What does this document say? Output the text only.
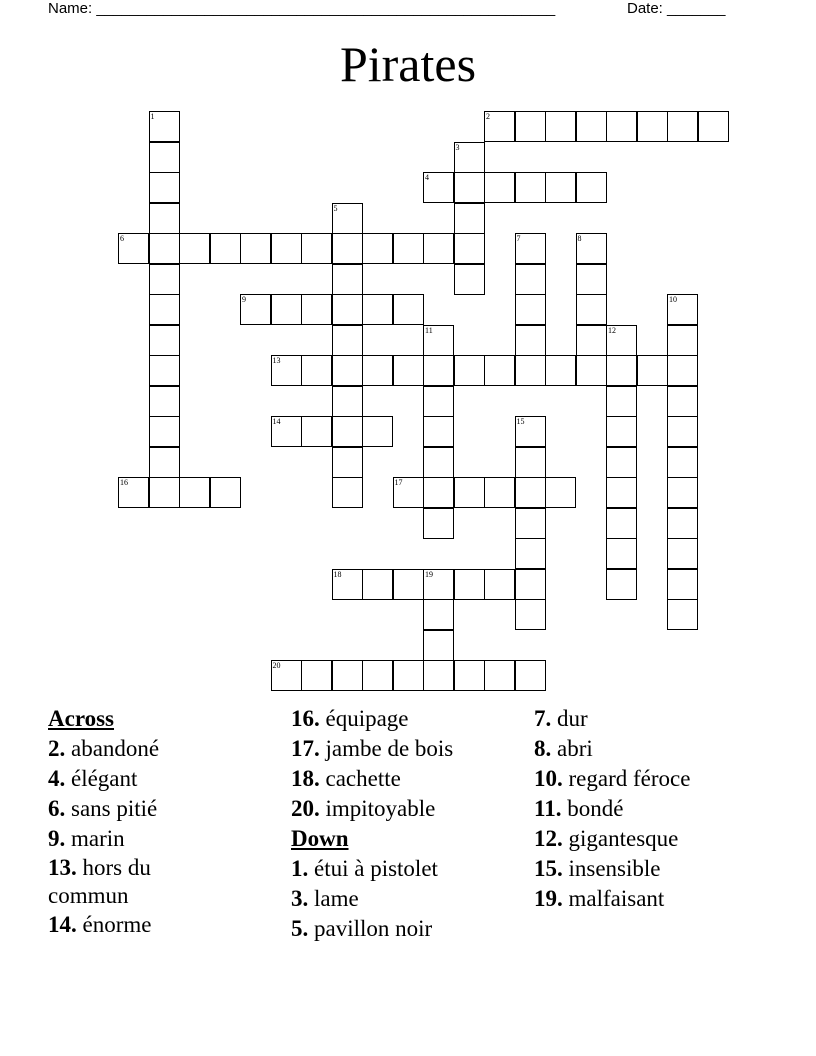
Name: _______________________________________________________	Date: _______
Pirates
1	2
3
4
5
6	7	8
9	10
11	12
13
14	15
16	17
18	19
20
Across
2. abandoné
4. élégant
6. sans pitié
9. marin
13. hors du commun
14. énorme
16. équipage
17. jambe de bois
18. cachette
20. impitoyable
Down
1. étui à pistolet
3. lame
5. pavillon noir
7. dur
8. abri
10. regard féroce
11. bondé
12. gigantesque
15. insensible
19. malfaisant
